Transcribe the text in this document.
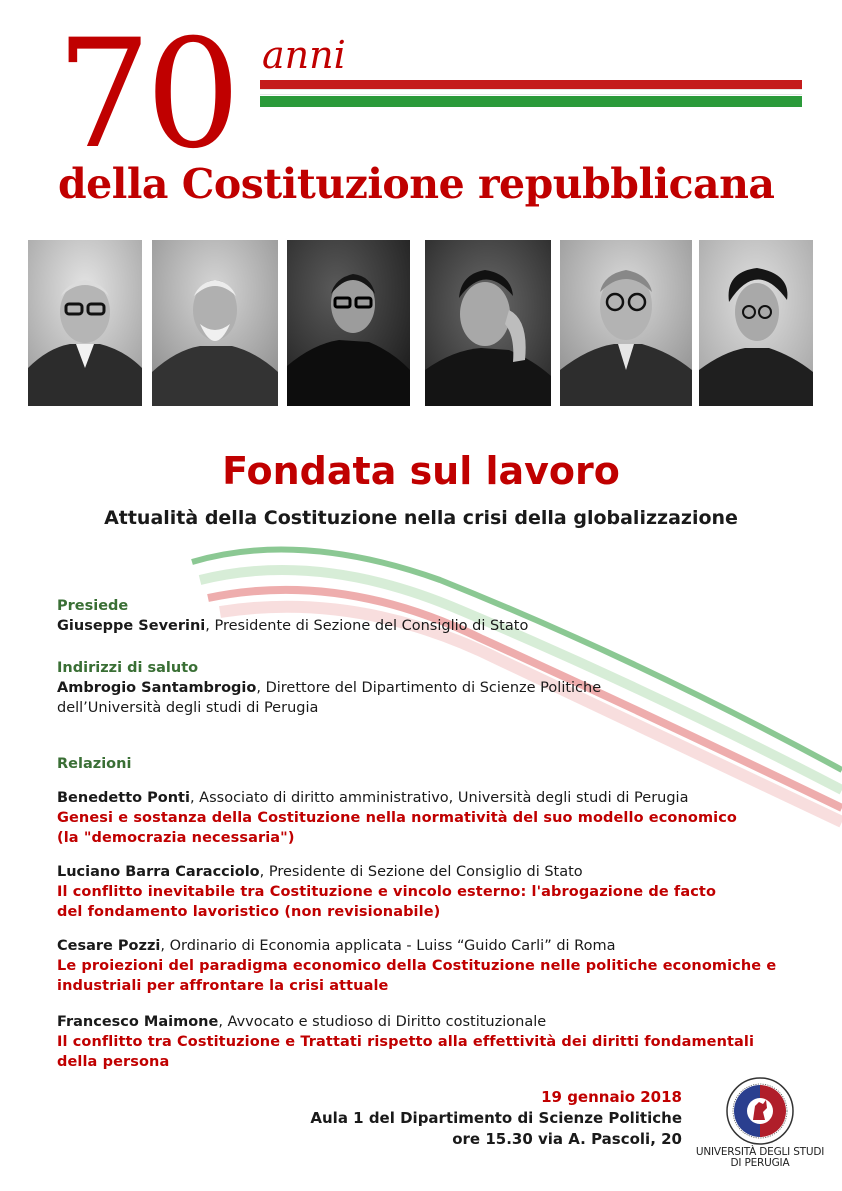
70 anni
della Costituzione repubblicana
Fondata sul lavoro
Attualità della Costituzione nella crisi della globalizzazione
Presiede
Giuseppe Severini, Presidente di Sezione del Consiglio di Stato
Indirizzi di saluto
Ambrogio Santambrogio, Direttore del Dipartimento di Scienze Politiche
dell’Università degli studi di Perugia
Relazioni
Benedetto Ponti, Associato di diritto amministrativo, Università degli studi di Perugia
Genesi e sostanza della Costituzione nella normatività del suo modello economico
(la "democrazia necessaria")
Luciano Barra Caracciolo, Presidente di Sezione del Consiglio di Stato
Il conflitto inevitabile tra Costituzione e vincolo esterno: l'abrogazione de facto
del fondamento lavoristico (non revisionabile)
Cesare Pozzi, Ordinario di Economia applicata - Luiss “Guido Carli” di Roma
Le proiezioni del paradigma economico della Costituzione nelle politiche economiche e
industriali per affrontare la crisi attuale
Francesco Maimone, Avvocato e studioso di Diritto costituzionale
Il conflitto tra Costituzione e Trattati rispetto alla effettività dei diritti fondamentali
della persona
19 gennaio 2018
Aula 1 del Dipartimento di Scienze Politiche
ore 15.30 via A. Pascoli, 20
UNIVERSITÀ DEGLI STUDI
DI PERUGIA
